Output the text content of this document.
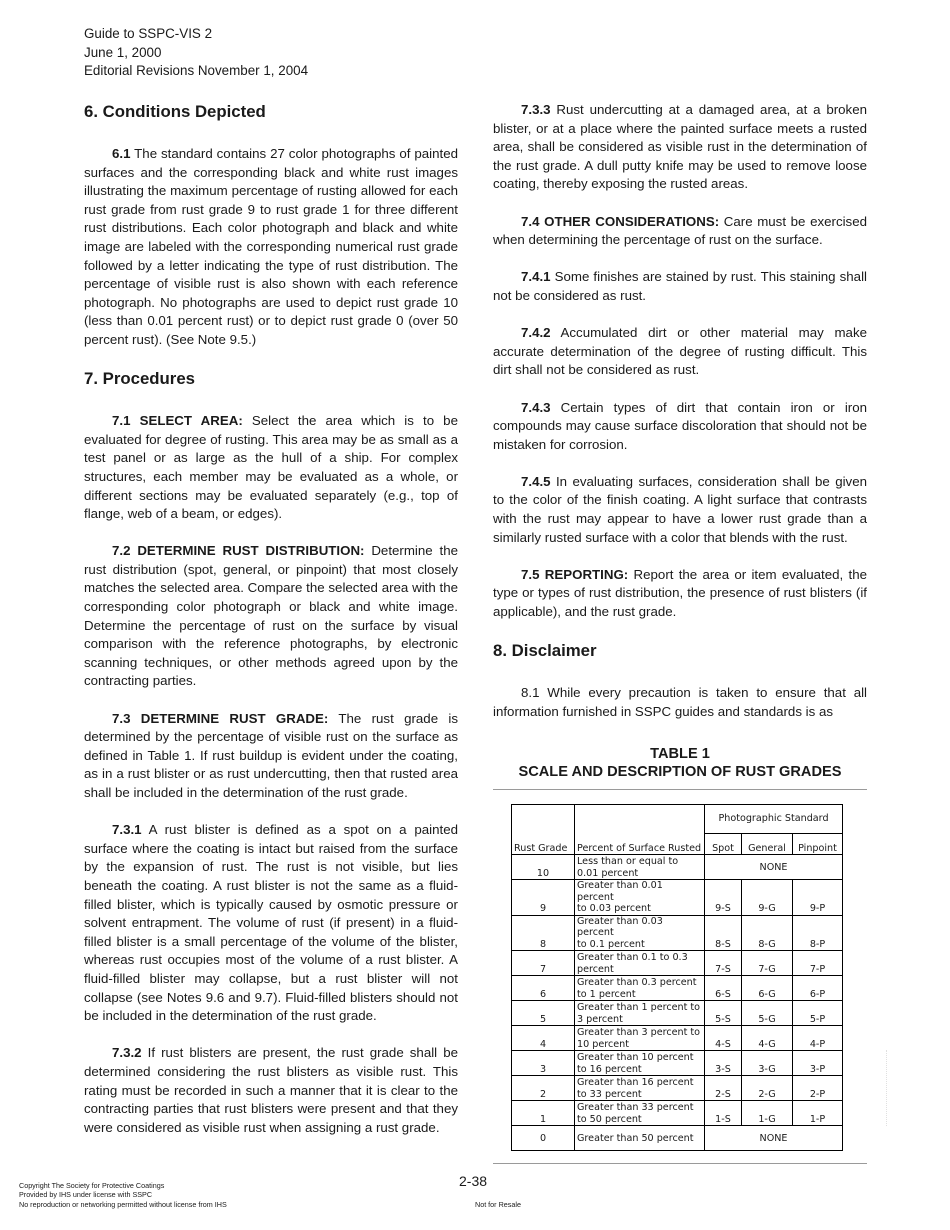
Guide to SSPC-VIS 2
June 1, 2000
Editorial Revisions November 1, 2004
6. Conditions Depicted

6.1 The standard contains 27 color photographs of painted surfaces and the corresponding black and white rust images illustrating the maximum percentage of rusting allowed for each rust grade from rust grade 9 to rust grade 1 for three different rust distributions. Each color photograph and black and white image are labeled with the corresponding numerical rust grade followed by a letter indicating the type of rust distribution. The percentage of visible rust is also shown with each reference photograph. No photographs are used to depict rust grade 10 (less than 0.01 percent rust) or to depict rust grade 0 (over 50 percent rust). (See Note 9.5.)

7. Procedures

7.1 SELECT AREA: Select the area which is to be evaluated for degree of rusting. This area may be as small as a test panel or as large as the hull of a ship. For complex structures, each member may be evaluated as a whole, or different sections may be evaluated separately (e.g., top of flange, web of a beam, or edges).

7.2 DETERMINE RUST DISTRIBUTION: Determine the rust distribution (spot, general, or pinpoint) that most closely matches the selected area. Compare the selected area with the corresponding color photograph or black and white image. Determine the percentage of rust on the surface by visual comparison with the reference photographs, by electronic scanning techniques, or other methods agreed upon by the contracting parties.

7.3 DETERMINE RUST GRADE: The rust grade is determined by the percentage of visible rust on the surface as defined in Table 1. If rust buildup is evident under the coating, as in a rust blister or as rust undercutting, then that rusted area shall be included in the determination of the rust grade.

7.3.1 A rust blister is defined as a spot on a painted surface where the coating is intact but raised from the surface by the expansion of rust. The rust is not visible, but lies beneath the coating. A rust blister is not the same as a fluid-filled blister, which is typically caused by osmotic pressure or solvent entrapment. The volume of rust (if present) in a fluid-filled blister is a small percentage of the volume of the blister, whereas rust occupies most of the volume of a rust blister. A fluid-filled blister may collapse, but a rust blister will not collapse (see Notes 9.6 and 9.7). Fluid-filled blisters should not be included in the determination of the rust grade.

7.3.2 If rust blisters are present, the rust grade shall be determined considering the rust blisters as visible rust. This rating must be recorded in such a manner that it is clear to the contracting parties that rust blisters were present and that they were considered as visible rust when assigning a rust grade.

7.3.3 Rust undercutting at a damaged area, at a broken blister, or at a place where the painted surface meets a rusted area, shall be considered as visible rust in the determination of the rust grade. A dull putty knife may be used to remove loose coating, thereby exposing the rusted areas.

7.4 OTHER CONSIDERATIONS: Care must be exercised when determining the percentage of rust on the surface.

7.4.1 Some finishes are stained by rust. This staining shall not be considered as rust.

7.4.2 Accumulated dirt or other material may make accurate determination of the degree of rusting difficult. This dirt shall not be considered as rust.

7.4.3 Certain types of dirt that contain iron or iron compounds may cause surface discoloration that should not be mistaken for corrosion.

7.4.5 In evaluating surfaces, consideration shall be given to the color of the finish coating. A light surface that contrasts with the rust may appear to have a lower rust grade than a similarly rusted surface with a color that blends with the rust.

7.5 REPORTING: Report the area or item evaluated, the type or types of rust distribution, the presence of rust blisters (if applicable), and the rust grade.

8. Disclaimer

8.1 While every precaution is taken to ensure that all information furnished in SSPC guides and standards is as

TABLE 1
SCALE AND DESCRIPTION OF RUST GRADES
		Photographic Standard		
Rust Grade	Percent of Surface Rusted	Spot	General	Pinpoint
10	Less than or equal to
0.01 percent	NONE		
9	Greater than 0.01 percent
to 0.03 percent	9-S	9-G	9-P
8	Greater than 0.03 percent
to 0.1 percent	8-S	8-G	8-P
7	Greater than 0.1 to 0.3
percent	7-S	7-G	7-P
6	Greater than 0.3 percent
to 1 percent	6-S	6-G	6-P
5	Greater than 1 percent to
3 percent	5-S	5-G	5-P
4	Greater than 3 percent to
10 percent	4-S	4-G	4-P
3	Greater than 10 percent
to 16 percent	3-S	3-G	3-P
2	Greater than 16 percent
to 33 percent	2-S	2-G	2-P
1	Greater than 33 percent
to 50 percent	1-S	1-G	1-P
0	Greater than 50 percent	NONE		
2-38
Copyright The Society for Protective Coatings
Provided by IHS under license with SSPC
No reproduction or networking permitted without license from IHS	Not for Resale
